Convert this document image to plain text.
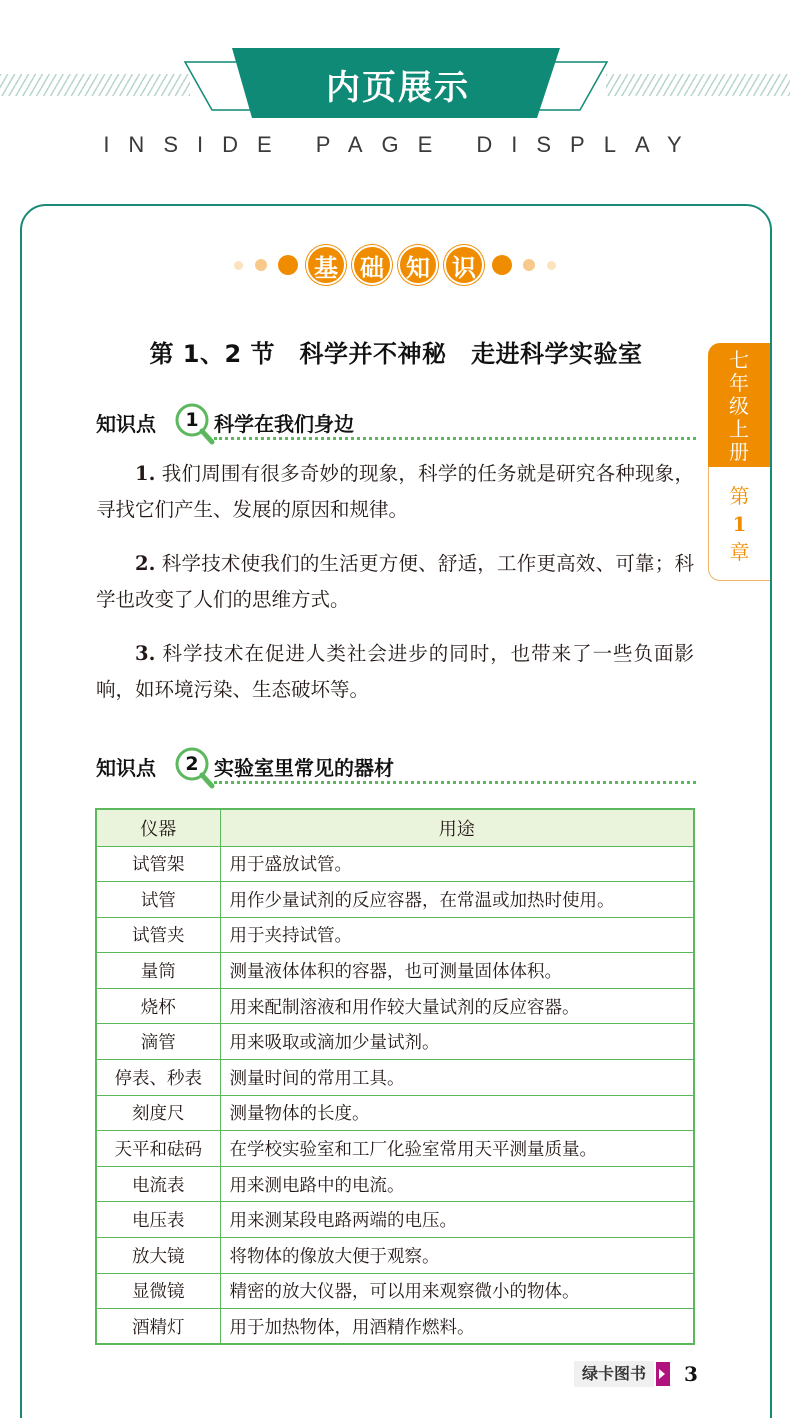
内页展示
INSIDE PAGE DISPLAY
基 础 知 识
第 1、2 节　科学并不神秘　走进科学实验室	七
年
级
上
册
第
1
章
知识点	1 科学在我们身边
1. 我们周围有很多奇妙的现象，科学的任务就是研究各种现象，寻找它们产生、发展的原因和规律。
2. 科学技术使我们的生活更方便、舒适，工作更高效、可靠；科学也改变了人们的思维方式。
3. 科学技术在促进人类社会进步的同时，也带来了一些负面影响，如环境污染、生态破坏等。
知识点	2 实验室里常见的器材
仪器	用途
试管架	用于盛放试管。
试管	用作少量试剂的反应容器，在常温或加热时使用。
试管夹	用于夹持试管。
量筒	测量液体体积的容器，也可测量固体体积。
烧杯	用来配制溶液和用作较大量试剂的反应容器。
滴管	用来吸取或滴加少量试剂。
停表、秒表	测量时间的常用工具。
刻度尺	测量物体的长度。
天平和砝码	在学校实验室和工厂化验室常用天平测量质量。
电流表	用来测电路中的电流。
电压表	用来测某段电路两端的电压。
放大镜	将物体的像放大便于观察。
显微镜	精密的放大仪器，可以用来观察微小的物体。
酒精灯	用于加热物体，用酒精作燃料。
绿卡图书	3
